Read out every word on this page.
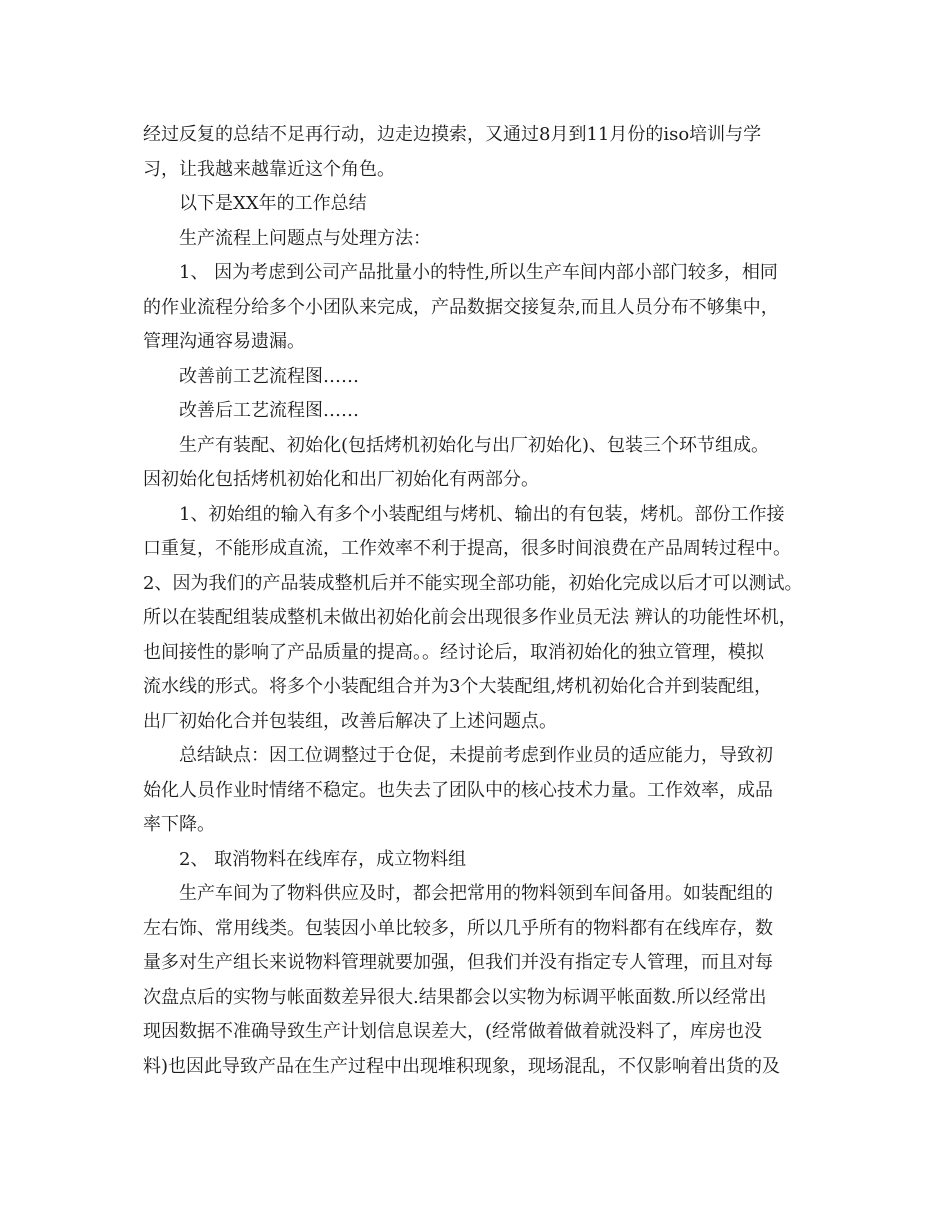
经过反复的总结不足再行动，边走边摸索，又通过8月到11月份的iso培训与学
习，让我越来越靠近这个角色。
以下是XX年的工作总结
生产流程上问题点与处理方法：
1、 因为考虑到公司产品批量小的特性,所以生产车间内部小部门较多，相同
的作业流程分给多个小团队来完成，产品数据交接复杂,而且人员分布不够集中，
管理沟通容易遗漏。
改善前工艺流程图……
改善后工艺流程图……
生产有装配、初始化(包括烤机初始化与出厂初始化)、包装三个环节组成。
因初始化包括烤机初始化和出厂初始化有两部分。
1、初始组的输入有多个小装配组与烤机、输出的有包装，烤机。部份工作接
口重复，不能形成直流，工作效率不利于提高，很多时间浪费在产品周转过程中。
2、因为我们的产品装成整机后并不能实现全部功能，初始化完成以后才可以测试。
所以在装配组装成整机未做出初始化前会出现很多作业员无法 辨认的功能性坏机，
也间接性的影响了产品质量的提高。。经讨论后，取消初始化的独立管理，模拟
流水线的形式。将多个小装配组合并为3个大装配组,烤机初始化合并到装配组，
出厂初始化合并包装组，改善后解决了上述问题点。
总结缺点：因工位调整过于仓促，未提前考虑到作业员的适应能力，导致初
始化人员作业时情绪不稳定。也失去了团队中的核心技术力量。工作效率，成品
率下降。
2、 取消物料在线库存，成立物料组
生产车间为了物料供应及时，都会把常用的物料领到车间备用。如装配组的
左右饰、常用线类。包装因小单比较多，所以几乎所有的物料都有在线库存，数
量多对生产组长来说物料管理就要加强，但我们并没有指定专人管理，而且对每
次盘点后的实物与帐面数差异很大.结果都会以实物为标调平帐面数.所以经常出
现因数据不准确导致生产计划信息误差大，(经常做着做着就没料了，库房也没
料)也因此导致产品在生产过程中出现堆积现象，现场混乱，不仅影响着出货的及
